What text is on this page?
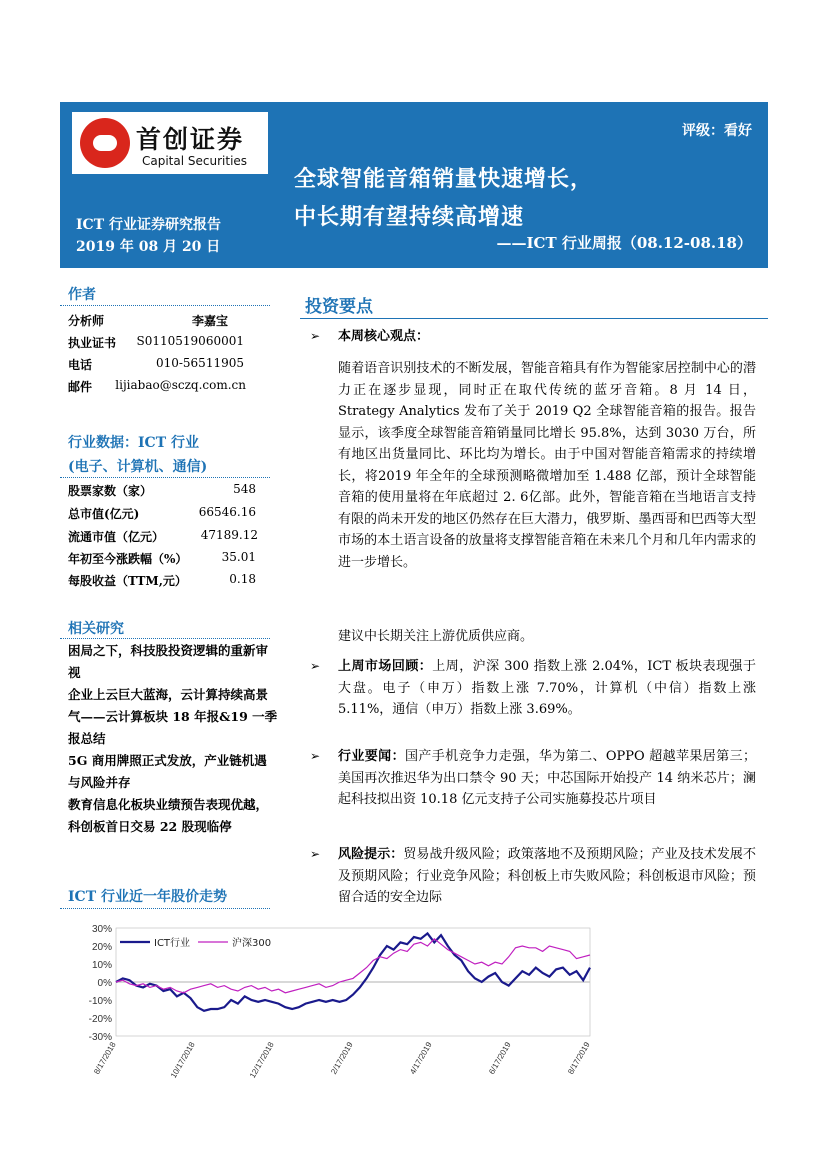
首创证券
Capital Securities
评级：看好
全球智能音箱销量快速增长，
中长期有望持续高增速
——ICT 行业周报（08.12-08.18）
ICT 行业证券研究报告
2019 年 08 月 20 日
作者
分析师	李嘉宝
执业证书 S0110519060001
电话	010-56511905
邮件 lijiabao@sczq.com.cn
行业数据：ICT 行业
(电子、计算机、通信)
股票家数（家）	548
总市值(亿元)	66546.16
流通市值（亿元）	47189.12
年初至今涨跌幅（%）	35.01
每股收益（TTM,元）	0.18
相关研究
困局之下，科技股投资逻辑的重新审视
企业上云巨大蓝海，云计算持续高景气——云计算板块 18 年报&19 一季报总结
5G 商用牌照正式发放，产业链机遇与风险并存
教育信息化板块业绩预告表现优越，科创板首日交易 22 股现临停
ICT 行业近一年股价走势
投资要点
➢ 本周核心观点：
随着语音识别技术的不断发展，智能音箱具有作为智能家居控制中心的潜力正在逐步显现，同时正在取代传统的蓝牙音箱。8 月 14 日，Strategy Analytics 发布了关于 2019 Q2 全球智能音箱的报告。报告显示，该季度全球智能音箱销量同比增长 95.8%，达到 3030 万台，所有地区出货量同比、环比均为增长。由于中国对智能音箱需求的持续增长，将2019 年全年的全球预测略微增加至 1.488 亿部，预计全球智能音箱的使用量将在年底超过 2. 6亿部。此外，智能音箱在当地语言支持有限的尚未开发的地区仍然存在巨大潜力，俄罗斯、墨西哥和巴西等大型市场的本土语言设备的放量将支撑智能音箱在未来几个月和几年内需求的进一步增长。
建议中长期关注上游优质供应商。
➢ 上周市场回顾：上周，沪深 300 指数上涨 2.04%，ICT 板块表现强于大盘。电子（申万）指数上涨 7.70%，计算机（中信）指数上涨 5.11%，通信（申万）指数上涨 3.69%。
➢ 行业要闻：国产手机竞争力走强，华为第二、OPPO 超越苹果居第三；美国再次推迟华为出口禁令 90 天；中芯国际开始投产 14 纳米芯片；澜起科技拟出资 10.18 亿元支持子公司实施募投芯片项目
➢ 风险提示：贸易战升级风险；政策落地不及预期风险；产业及技术发展不及预期风险；行业竞争风险；科创板上市失败风险；科创板退市风险；预留合适的安全边际
30%
20%
10%
0%
-10%
-20%
-30%
8/17/2018	10/17/2018	12/17/2018	2/17/2019	4/17/2019	6/17/2019	8/17/2019
ICT行业	沪深300
